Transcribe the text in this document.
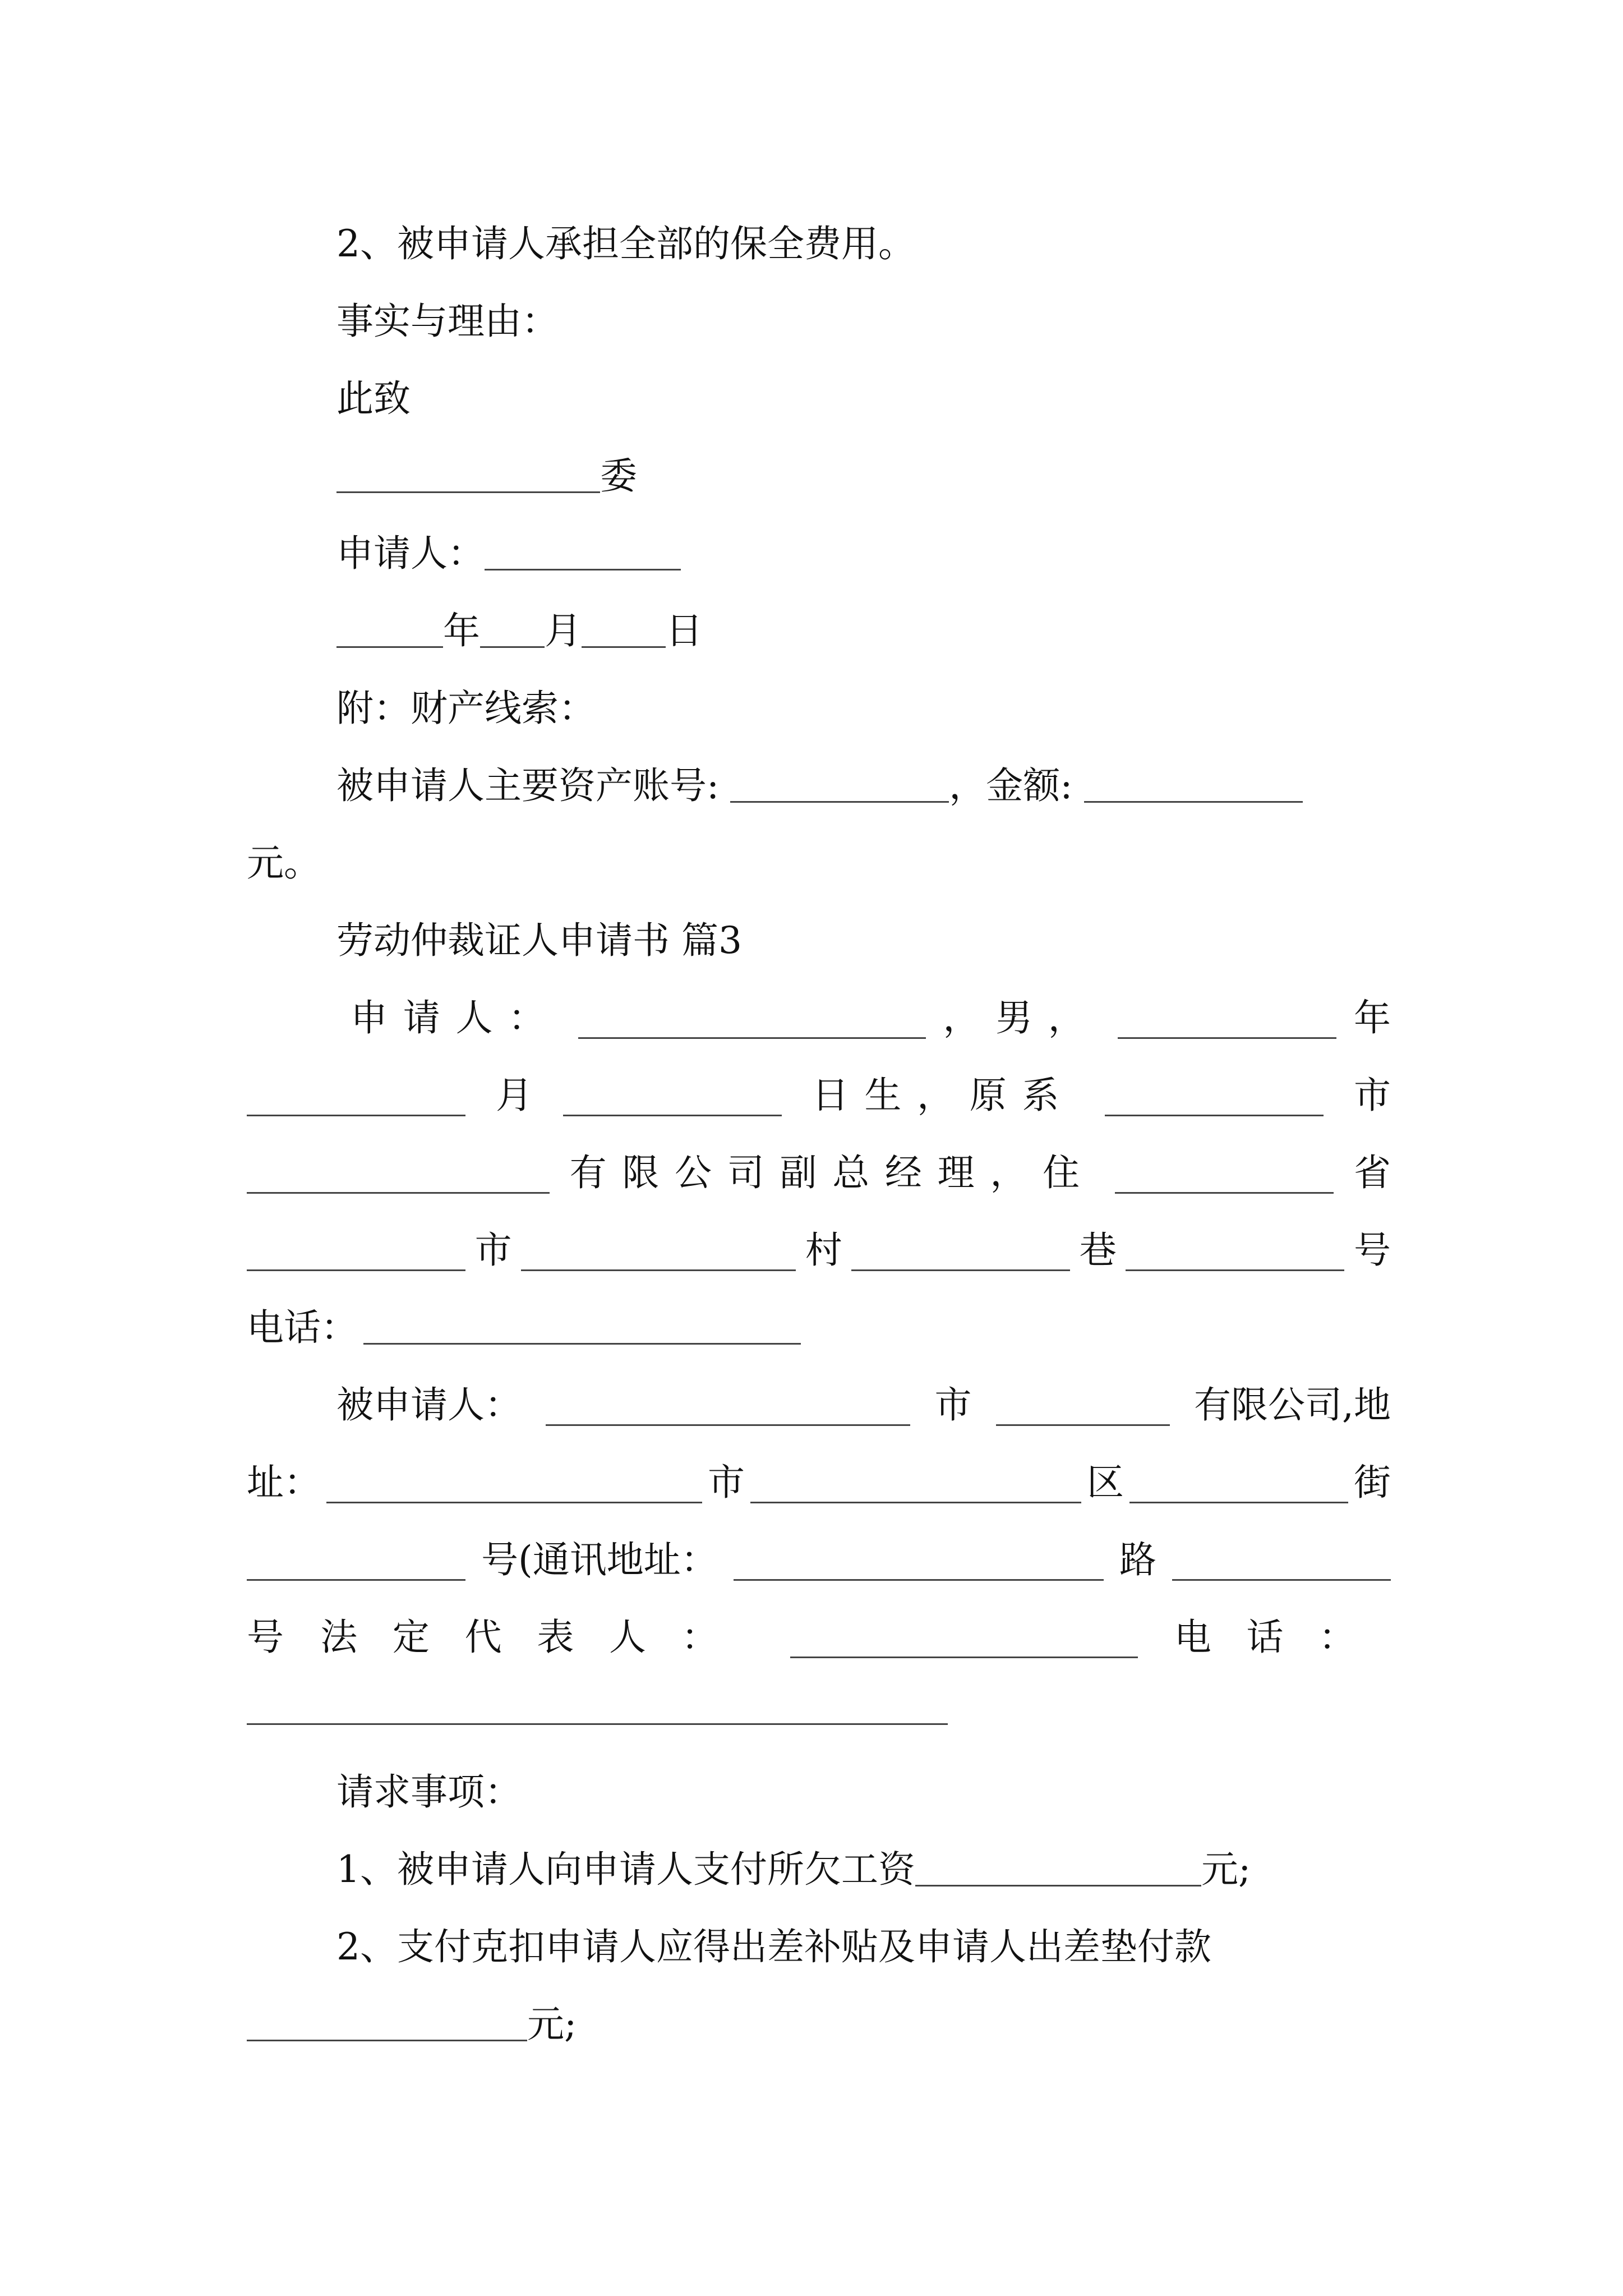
2、被申请人承担全部的保全费用。
事实与理由：
此致
委
申请人：
年 月 日
附：财产线索：
被申请人主要资产账号:	，金额:
元。
劳动仲裁证人申请书 篇3
申请人：	，男，	年
月	日生，原系	市
有限公司副总经理，住	省
市	村	巷	号
电话：
被申请人：	市	有限公司,地
址：	市	区	街
号(通讯地址：	路
号 法定代表人：	电话：
请求事项：
1、被申请人向申请人支付所欠工资	元;
2、支付克扣申请人应得出差补贴及申请人出差垫付款
元;
